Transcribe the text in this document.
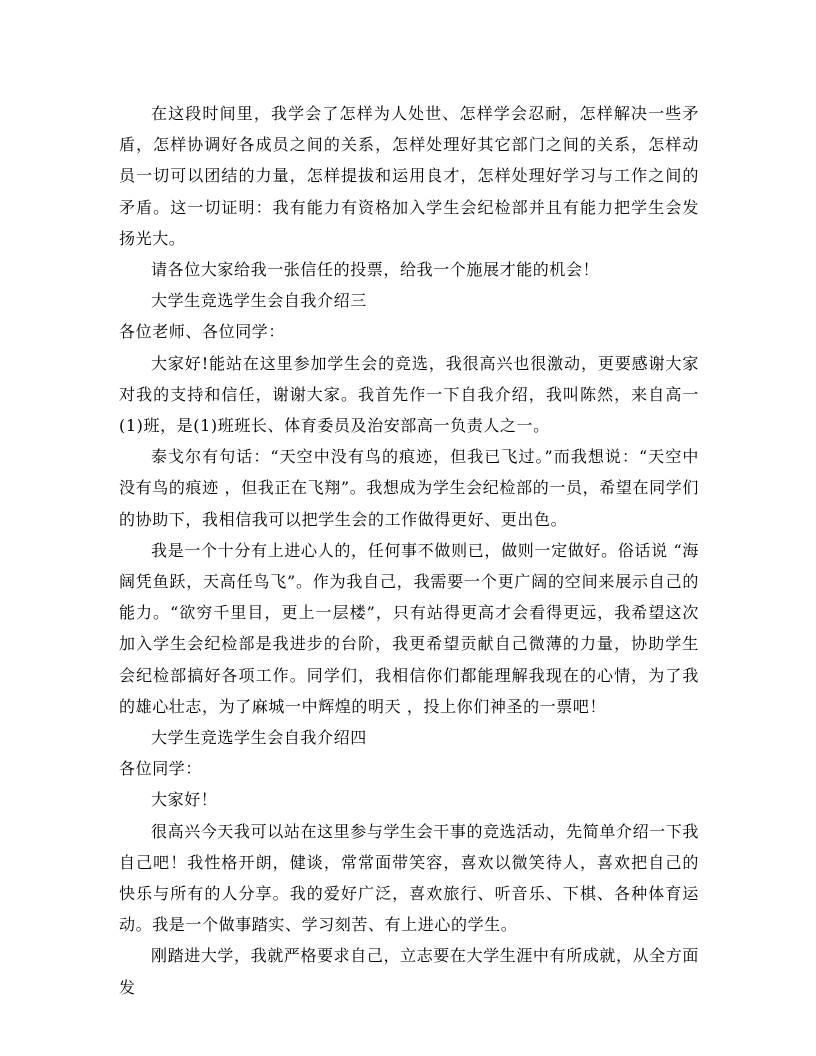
在这段时间里，我学会了怎样为人处世、怎样学会忍耐，怎样解决一些矛盾，怎样协调好各成员之间的关系，怎样处理好其它部门之间的关系，怎样动员一切可以团结的力量，怎样提拔和运用良才，怎样处理好学习与工作之间的矛盾。这一切证明：我有能力有资格加入学生会纪检部并且有能力把学生会发扬光大。

请各位大家给我一张信任的投票，给我一个施展才能的机会！

大学生竞选学生会自我介绍三

各位老师、各位同学：

大家好!能站在这里参加学生会的竞选，我很高兴也很激动，更要感谢大家对我的支持和信任，谢谢大家。我首先作一下自我介绍，我叫陈然，来自高一(1)班，是(1)班班长、体育委员及治安部高一负责人之一。

泰戈尔有句话：“天空中没有鸟的痕迹，但我已飞过。”而我想说：“天空中没有鸟的痕迹 ，但我正在飞翔”。我想成为学生会纪检部的一员，希望在同学们的协助下，我相信我可以把学生会的工作做得更好、更出色。

我是一个十分有上进心人的，任何事不做则已，做则一定做好。俗话说 “海阔凭鱼跃，天高任鸟飞”。作为我自己，我需要一个更广阔的空间来展示自己的能力。“欲穷千里目，更上一层楼”，只有站得更高才会看得更远，我希望这次加入学生会纪检部是我进步的台阶，我更希望贡献自己微薄的力量，协助学生会纪检部搞好各项工作。同学们，我相信你们都能理解我现在的心情，为了我的雄心壮志，为了麻城一中辉煌的明天 ，投上你们神圣的一票吧！

大学生竞选学生会自我介绍四

各位同学：

大家好！

很高兴今天我可以站在这里参与学生会干事的竞选活动，先简单介绍一下我自己吧！我性格开朗，健谈，常常面带笑容，喜欢以微笑待人，喜欢把自己的快乐与所有的人分享。我的爱好广泛，喜欢旅行、听音乐、下棋、各种体育运动。我是一个做事踏实、学习刻苦、有上进心的学生。

刚踏进大学，我就严格要求自己，立志要在大学生涯中有所成就，从全方面发
